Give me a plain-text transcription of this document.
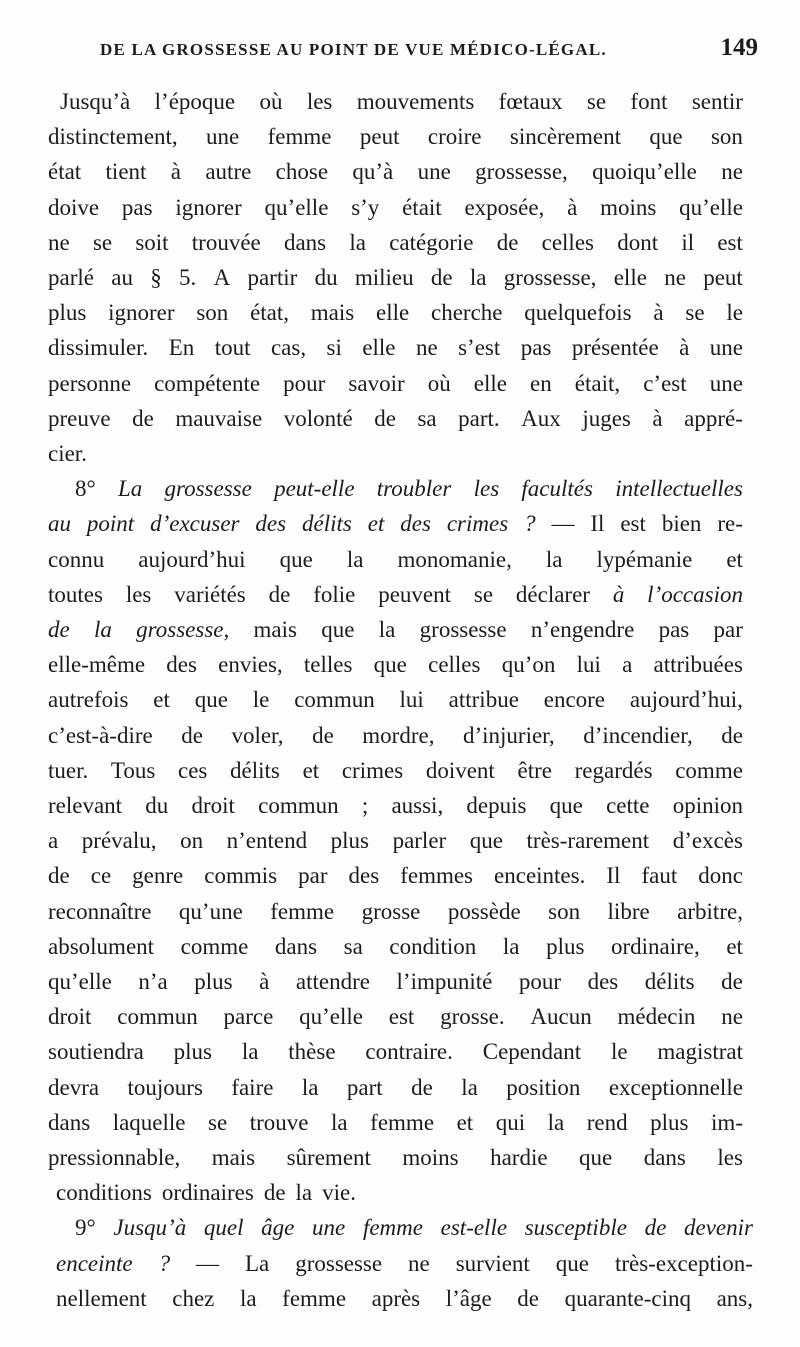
DE LA GROSSESSE AU POINT DE VUE MÉDICO-LÉGAL.	149
Jusqu’à l’époque où les mouvements fœtaux se font sentir
distinctement, une femme peut croire sincèrement que son
état tient à autre chose qu’à une grossesse, quoiqu’elle ne
doive pas ignorer qu’elle s’y était exposée, à moins qu’elle
ne se soit trouvée dans la catégorie de celles dont il est
parlé au § 5. A partir du milieu de la grossesse, elle ne peut
plus ignorer son état, mais elle cherche quelquefois à se le
dissimuler. En tout cas, si elle ne s’est pas présentée à une
personne compétente pour savoir où elle en était, c’est une
preuve de mauvaise volonté de sa part. Aux juges à appré-
cier.
8° La grossesse peut-elle troubler les facultés intellectuelles
au point d’excuser des délits et des crimes ? — Il est bien re-
connu aujourd’hui que la monomanie, la lypémanie et
toutes les variétés de folie peuvent se déclarer à l’occasion
de la grossesse, mais que la grossesse n’engendre pas par
elle-même des envies, telles que celles qu’on lui a attribuées
autrefois et que le commun lui attribue encore aujourd’hui,
c’est-à-dire de voler, de mordre, d’injurier, d’incendier, de
tuer. Tous ces délits et crimes doivent être regardés comme
relevant du droit commun ; aussi, depuis que cette opinion
a prévalu, on n’entend plus parler que très-rarement d’excès
de ce genre commis par des femmes enceintes. Il faut donc
reconnaître qu’une femme grosse possède son libre arbitre,
absolument comme dans sa condition la plus ordinaire, et
qu’elle n’a plus à attendre l’impunité pour des délits de
droit commun parce qu’elle est grosse. Aucun médecin ne
soutiendra plus la thèse contraire. Cependant le magistrat
devra toujours faire la part de la position exceptionnelle
dans laquelle se trouve la femme et qui la rend plus im-
pressionnable, mais sûrement moins hardie que dans les
conditions ordinaires de la vie.
9° Jusqu’à quel âge une femme est-elle susceptible de devenir
enceinte ? — La grossesse ne survient que très-exception-
nellement chez la femme après l’âge de quarante-cinq ans,
